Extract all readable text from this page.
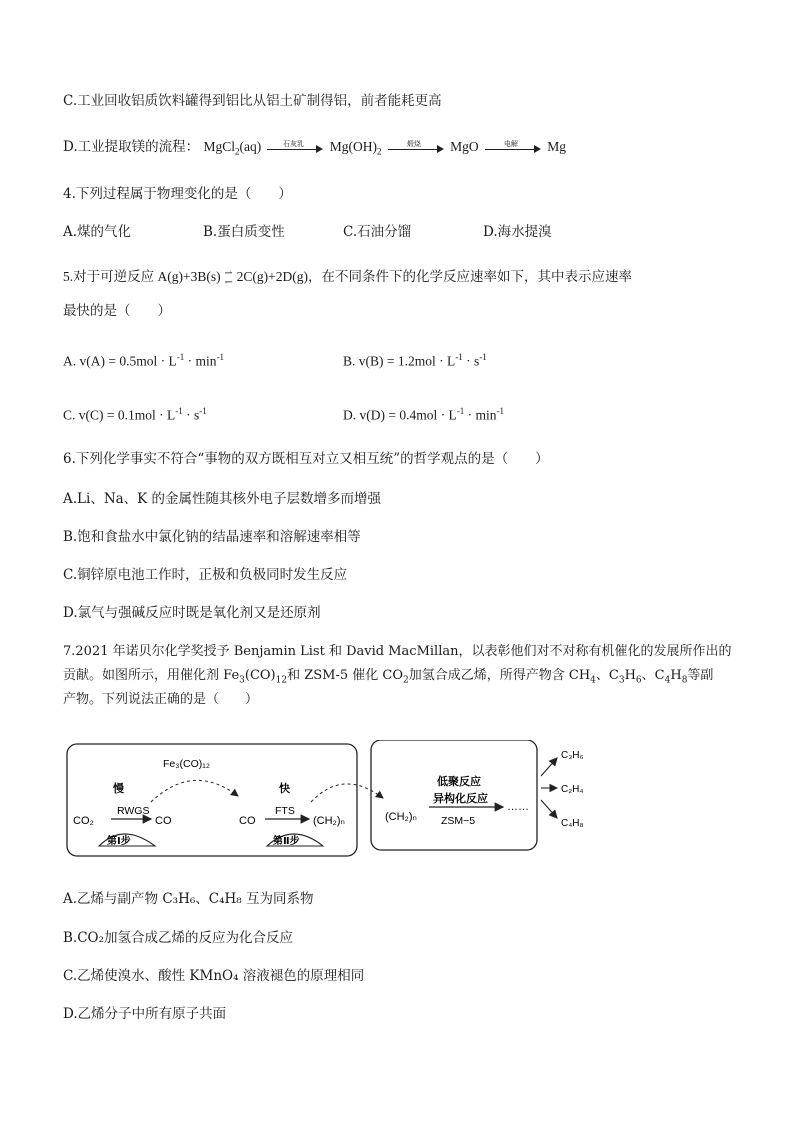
C.工业回收铝质饮料罐得到铝比从铝土矿制得铝，前者能耗更高
D.工业提取镁的流程： MgCl$_2$(aq)	石灰乳	$Mg(OH)_2$
煅烧	MgO	电解	Mg
4.下列过程属于物理变化的是（　　）
A.煤的气化	B.蛋白质变性	C.石油分馏	D.海水提溴
5.对于可逆反应 A(g)+3B(s) ⇀
↽ 2C(g)+2D(g)，在不同条件下的化学反应速率如下，其中表示应速率
最快的是（　　）
A. $v(A) = 0.5mol \cdot L^{-1} \cdot \min^{-1}$	B. $v(B) = 1.2mol \cdot L^{-1} \cdot s^{-1}$
C. $v(C) = 0.1mol \cdot L^{-1} \cdot s^{-1}$	D. $v(D) = 0.4mol \cdot L^{-1} \cdot \min^{-1}$
6.下列化学事实不符合“事物的双方既相互对立又相互统”的哲学观点的是（　　）
A.Li、Na、K 的金属性随其核外电子层数增多而增强
B.饱和食盐水中氯化钠的结晶速率和溶解速率相等
C.铜锌原电池工作时，正极和负极同时发生反应
D.氯气与强碱反应时既是氧化剂又是还原剂
7.2021 年诺贝尔化学奖授予 Benjamin List 和 David MacMillan，以表彰他们对不对称有机催化的发展所作出的
贡献。如图所示，用催化剂 $Fe_3(CO)_{12}$和 ZSM-5 催化 $CO_2$加氢合成乙烯，所得产物含 $CH_4$、$C_3H_6$、$C_4H_8$等副
产物。下列说法正确的是（　　）
Fe₃(CO)₁₂
慢
RWGS
CO₂	CO
第Ⅰ步
快
FTS
CO	(CH₂)ₙ
第Ⅱ步
(CH₂)ₙ
低聚反应
异构化反应
ZSM−5
……
C₃H₆
C₂H₄
C₄H₈
A.乙烯与副产物 C₃H₆、C₄H₈ 互为同系物
B.CO₂加氢合成乙烯的反应为化合反应
C.乙烯使溴水、酸性 KMnO₄ 溶液褪色的原理相同
D.乙烯分子中所有原子共面
